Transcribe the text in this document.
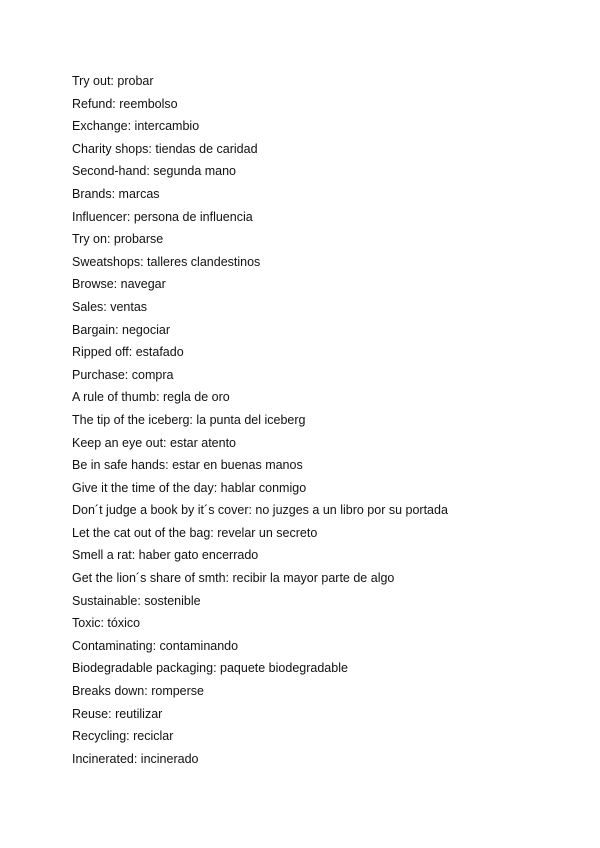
Try out: probar
Refund: reembolso
Exchange: intercambio
Charity shops: tiendas de caridad
Second-hand: segunda mano
Brands: marcas
Influencer: persona de influencia
Try on: probarse
Sweatshops: talleres clandestinos
Browse: navegar
Sales: ventas
Bargain: negociar
Ripped off: estafado
Purchase: compra
A rule of thumb: regla de oro
The tip of the iceberg: la punta del iceberg
Keep an eye out: estar atento
Be in safe hands: estar en buenas manos
Give it the time of the day: hablar conmigo
Don´t judge a book by it´s cover: no juzges a un libro por su portada
Let the cat out of the bag: revelar un secreto
Smell a rat: haber gato encerrado
Get the lion´s share of smth: recibir la mayor parte de algo
Sustainable: sostenible
Toxic: tóxico
Contaminating: contaminando
Biodegradable packaging: paquete biodegradable
Breaks down: romperse
Reuse: reutilizar
Recycling: reciclar
Incinerated: incinerado
